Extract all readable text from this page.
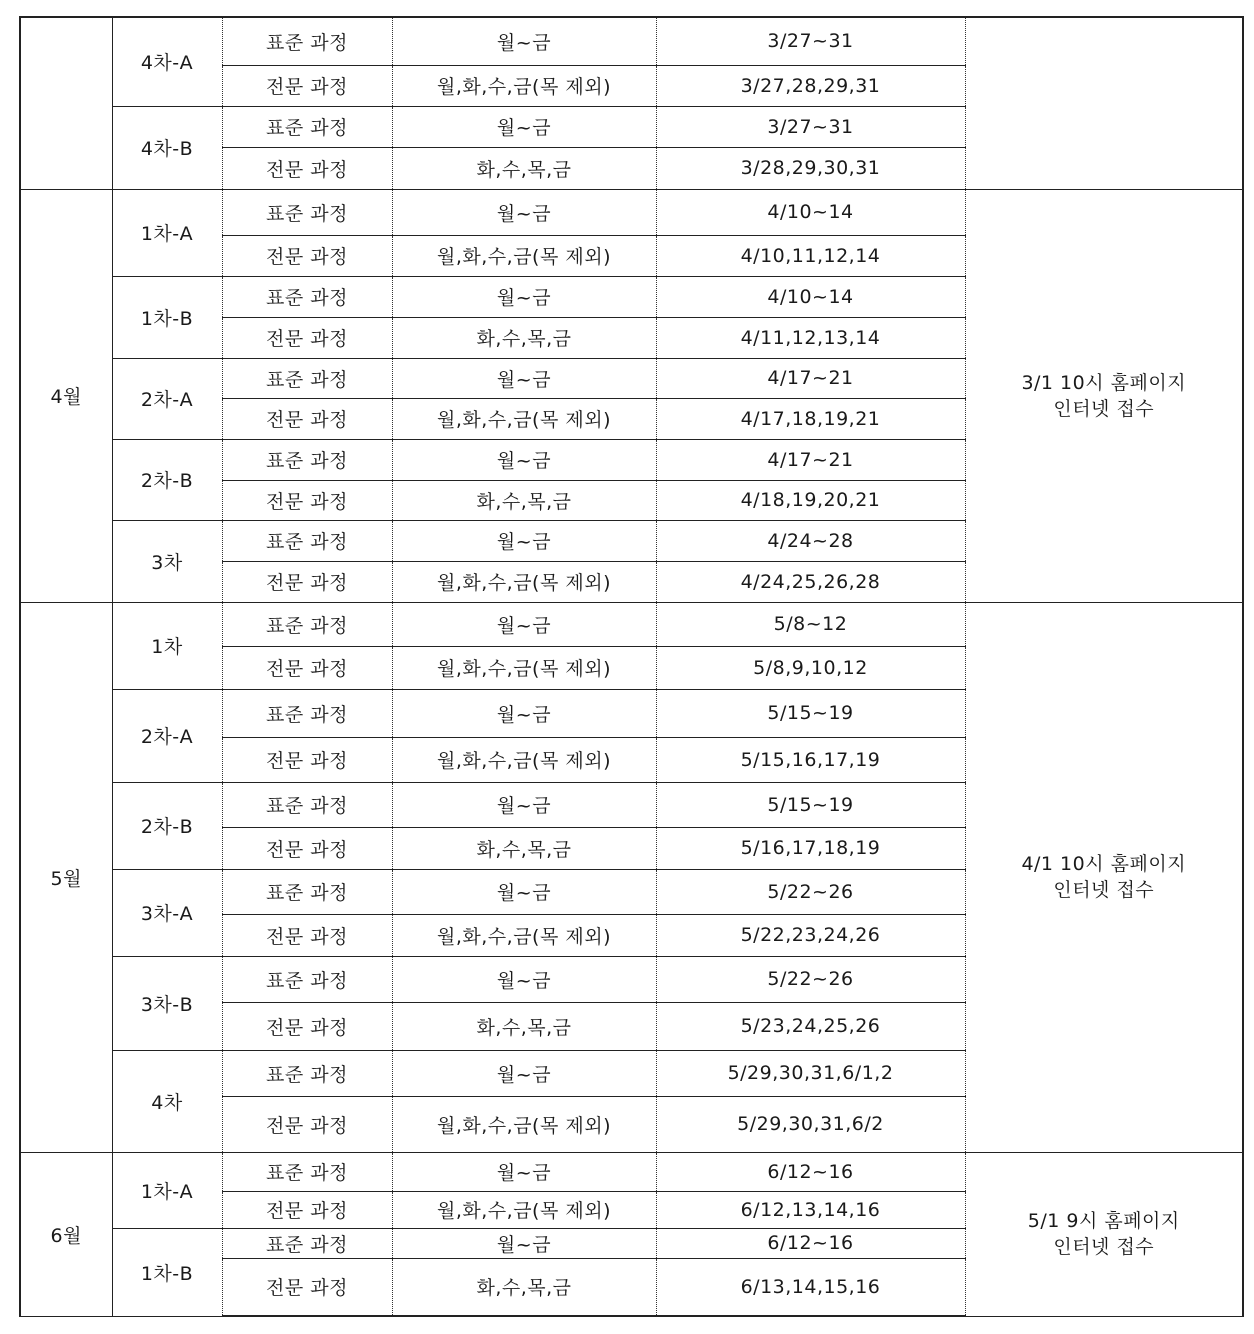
	4차-A	표준 과정	월~금	3/27~31	

		전문 과정	월,화,수,금(목 제외)	3/27,28,29,31	
	4차-B	표준 과정	월~금	3/27~31	
		전문 과정	화,수,목,금	3/28,29,30,31	
4월	1차-A	표준 과정	월~금	4/10~14	3/1 10시 홈페이지
인터넷 접수

		전문 과정	월,화,수,금(목 제외)	4/10,11,12,14	
	1차-B	표준 과정	월~금	4/10~14	
		전문 과정	화,수,목,금	4/11,12,13,14	
	2차-A	표준 과정	월~금	4/17~21	
		전문 과정	월,화,수,금(목 제외)	4/17,18,19,21	
	2차-B	표준 과정	월~금	4/17~21	
		전문 과정	화,수,목,금	4/18,19,20,21	
	3차	표준 과정	월~금	4/24~28	
		전문 과정	월,화,수,금(목 제외)	4/24,25,26,28	
5월	1차	표준 과정	월~금	5/8~12	4/1 10시 홈페이지
인터넷 접수

		전문 과정	월,화,수,금(목 제외)	5/8,9,10,12	
	2차-A	표준 과정	월~금	5/15~19	
		전문 과정	월,화,수,금(목 제외)	5/15,16,17,19	
	2차-B	표준 과정	월~금	5/15~19	
		전문 과정	화,수,목,금	5/16,17,18,19	
	3차-A	표준 과정	월~금	5/22~26	
		전문 과정	월,화,수,금(목 제외)	5/22,23,24,26	
	3차-B	표준 과정	월~금	5/22~26	
		전문 과정	화,수,목,금	5/23,24,25,26	
	4차	표준 과정	월~금	5/29,30,31,6/1,2	
		전문 과정	월,화,수,금(목 제외)	5/29,30,31,6/2	
6월	1차-A	표준 과정	월~금	6/12~16	5/1 9시 홈페이지
인터넷 접수

		전문 과정	월,화,수,금(목 제외)	6/12,13,14,16	
	1차-B	표준 과정	월~금	6/12~16	
		전문 과정	화,수,목,금	6/13,14,15,16	
